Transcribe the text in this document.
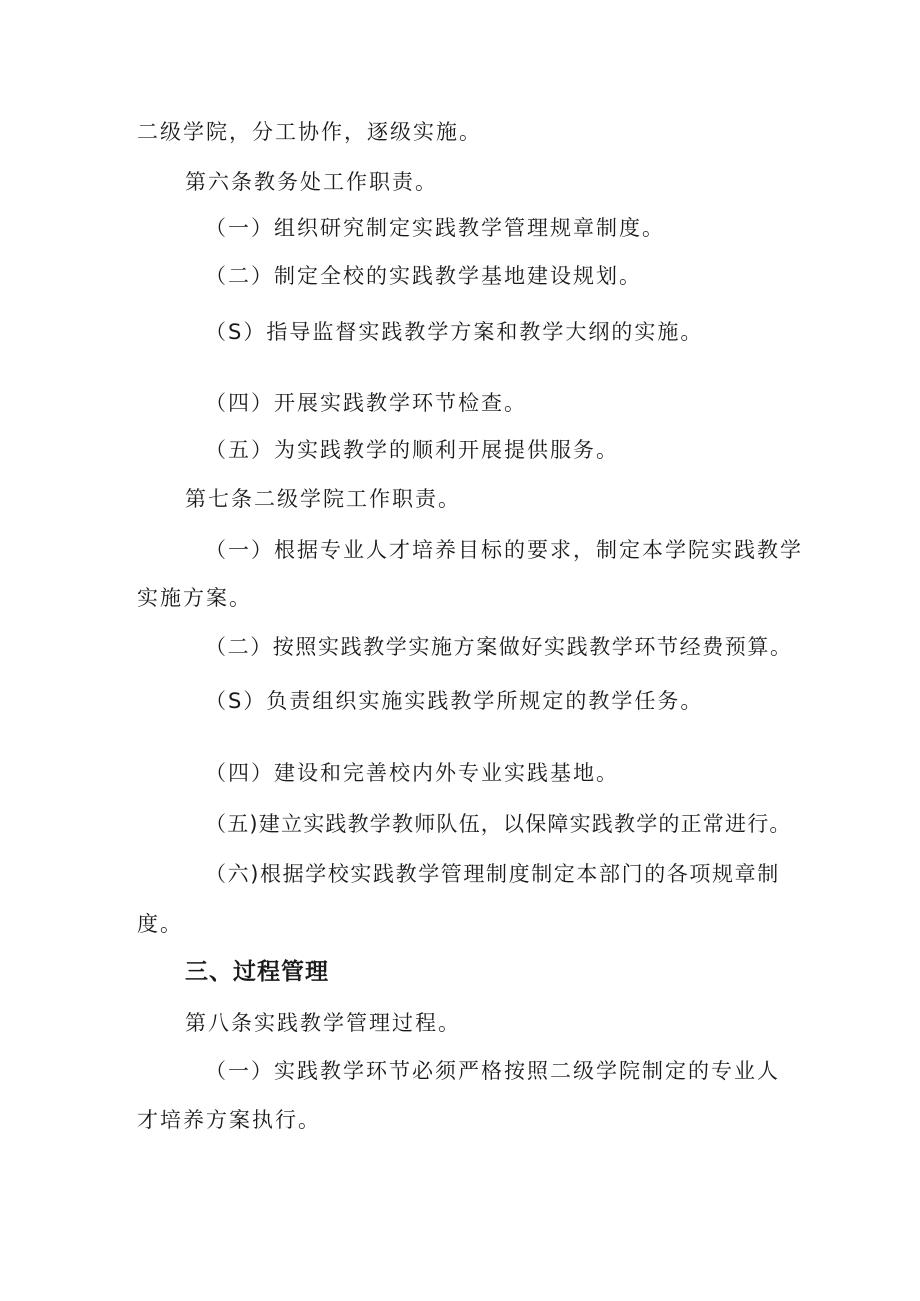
二级学院，分工协作，逐级实施。
第六条教务处工作职责。
（一）组织研究制定实践教学管理规章制度。
（二）制定全校的实践教学基地建设规划。
（S）指导监督实践教学方案和教学大纲的实施。
（四）开展实践教学环节检查。
（五）为实践教学的顺利开展提供服务。
第七条二级学院工作职责。
（一）根据专业人才培养目标的要求，制定本学院实践教学
实施方案。
（二）按照实践教学实施方案做好实践教学环节经费预算。
（S）负责组织实施实践教学所规定的教学任务。
（四）建设和完善校内外专业实践基地。
（五)建立实践教学教师队伍，以保障实践教学的正常进行。
（六)根据学校实践教学管理制度制定本部门的各项规章制
度。
三、过程管理
第八条实践教学管理过程。
（一）实践教学环节必须严格按照二级学院制定的专业人
才培养方案执行。
